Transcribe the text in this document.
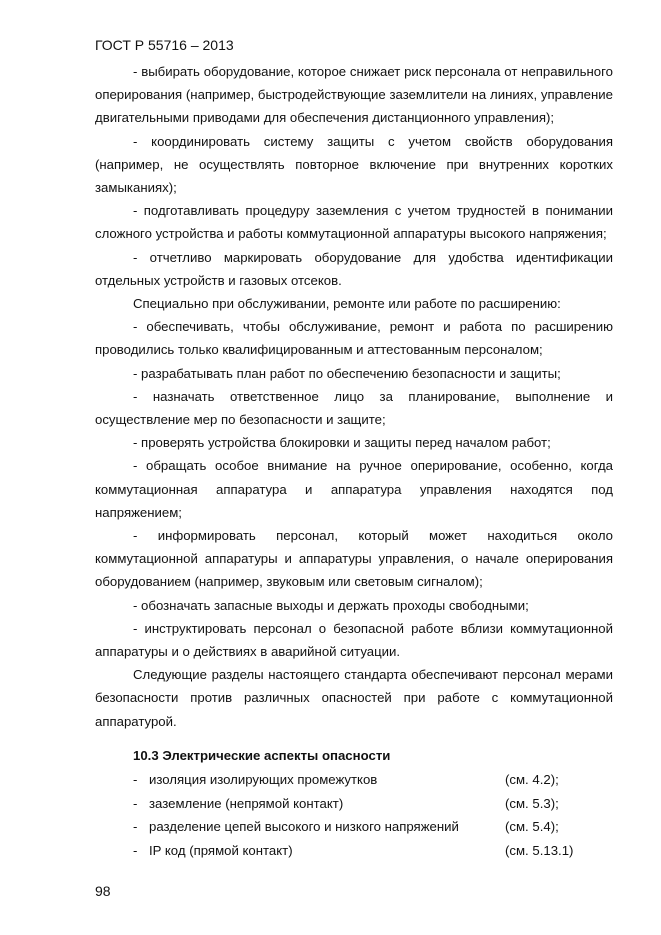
ГОСТ Р 55716 – 2013

- выбирать оборудование, которое снижает риск персонала от неправильного оперирования (например, быстродействующие заземлители на линиях, управление двигательными приводами для обеспечения дистанционного управления);

- координировать систему защиты с учетом свойств оборудования (например, не осуществлять повторное включение при внутренних коротких замыканиях);

- подготавливать процедуру заземления с учетом трудностей в понимании сложного устройства и работы коммутационной аппаратуры высокого напряжения;

- отчетливо маркировать оборудование для удобства идентификации отдельных устройств и газовых отсеков.

Специально при обслуживании, ремонте или работе по расширению:

- обеспечивать, чтобы обслуживание, ремонт и работа по расширению проводились только квалифицированным и аттестованным персоналом;

- разрабатывать план работ по обеспечению безопасности и защиты;

- назначать ответственное лицо за планирование, выполнение и осуществление мер по безопасности и защите;

- проверять устройства блокировки и защиты перед началом работ;

- обращать особое внимание на ручное оперирование, особенно, когда коммутационная аппаратура и аппаратура управления находятся под напряжением;

- информировать персонал, который может находиться около коммутационной аппаратуры и аппаратуры управления, о начале оперирования оборудованием (например, звуковым или световым сигналом);

- обозначать запасные выходы и держать проходы свободными;

- инструктировать персонал о безопасной работе вблизи коммутационной аппаратуры и о действиях в аварийной ситуации.

Следующие разделы настоящего стандарта обеспечивают персонал мерами безопасности против различных опасностей при работе с коммутационной аппаратурой.

10.3 Электрические аспекты опасности
- изоляция изолирующих промежутков	(см. 4.2);
- заземление (непрямой контакт)	(см. 5.3);
- разделение цепей высокого и низкого напряжений	(см. 5.4);
- IP код (прямой контакт)	(см. 5.13.1)
98
